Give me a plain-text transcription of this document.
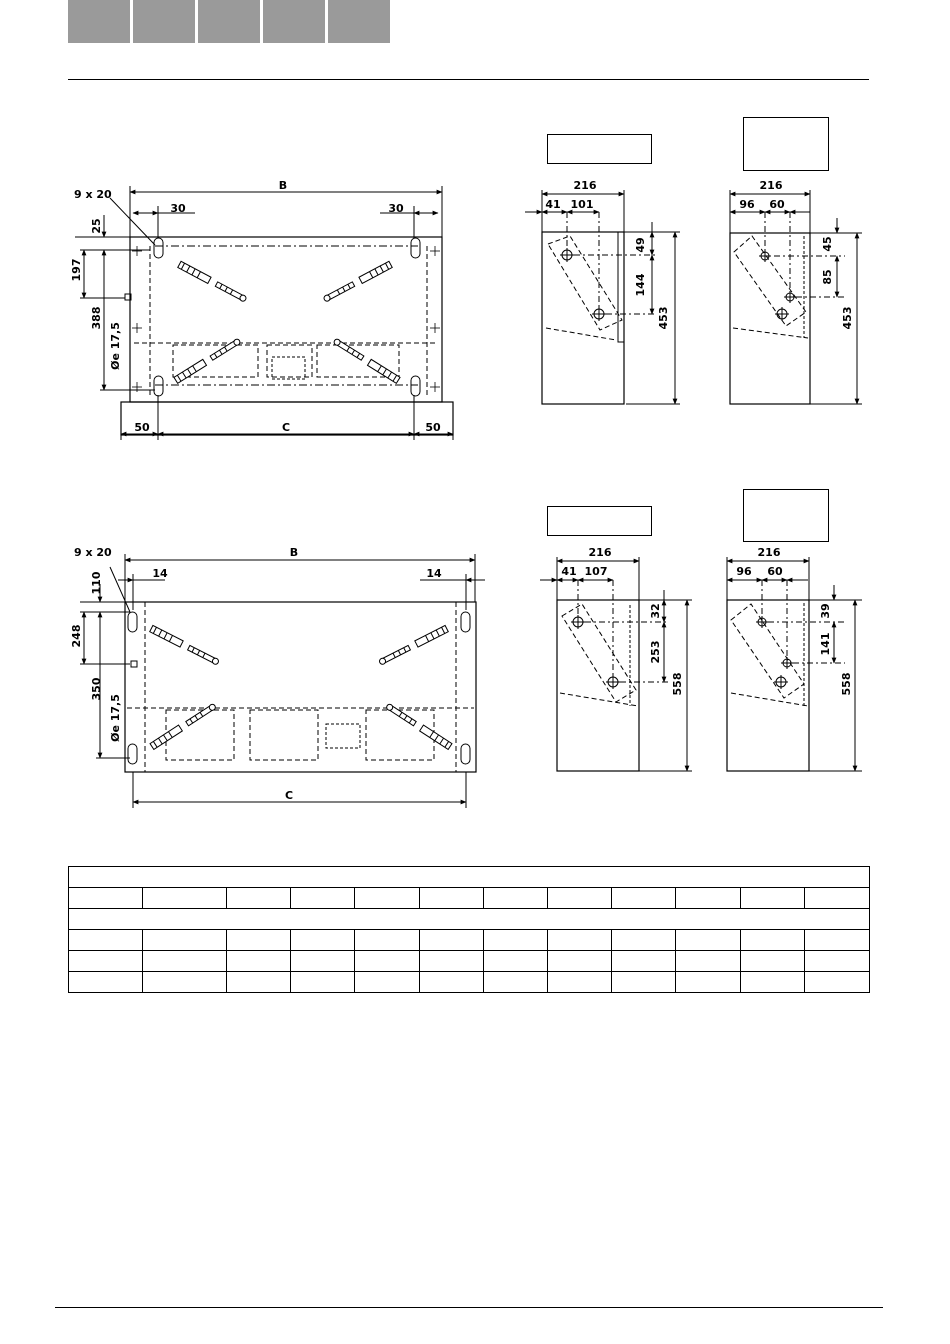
B
9 x 20
30	30
25
197
388
Øe 17,5
50	C	50
B
9 x 20
14	14
110
248
350
Øe 17,5
C
216
41 101
49
144
453
216
96 60
45
85
453
216
41 107
32
253
558
216
96 60
39
141
558
